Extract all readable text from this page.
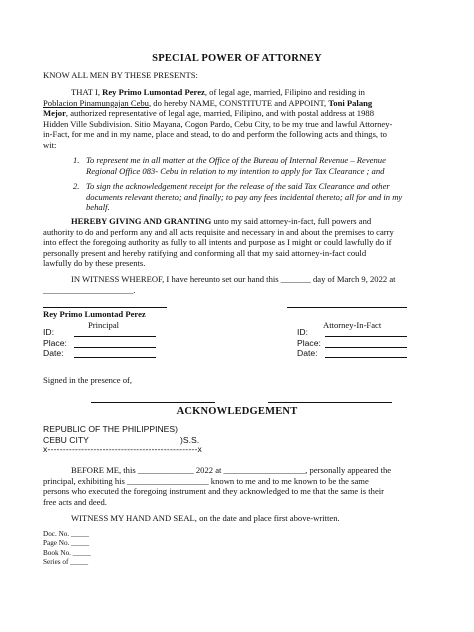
SPECIAL POWER OF ATTORNEY
KNOW ALL MEN BY THESE PRESENTS:
THAT I, Rey Primo Lumontad Perez, of legal age, married, Filipino and residing in
Poblacion Pinamungajan Cebu, do hereby NAME, CONSTITUTE and APPOINT, Toni Palang
Mejor, authorized representative of legal age, married, Filipino, and with postal address at 1988
Hidden Ville Subdivision. Sitio Mayana, Cogon Pardo, Cebu City, to be my true and lawful Attorney-
in-Fact, for me and in my name, place and stead, to do and perform the following acts and things, to
wit:
1. To represent me in all matter at the Office of the Bureau of Internal Revenue – Revenue
Regional Office 083- Cebu in relation to my intention to apply for Tax Clearance ; and
2. To sign the acknowledgement receipt for the release of the said Tax Clearance and other
documents relevant thereto; and finally; to pay any fees incidental thereto; all for and in my
behalf.
HEREBY GIVING AND GRANTING unto my said attorney-in-fact, full powers and
authority to do and perform any and all acts requisite and necessary in and about the premises to carry
into effect the foregoing authority as fully to all intents and purpose as I might or could lawfully do if
personally present and hereby ratifying and conforming all that my said attorney-in-fact could
lawfully do by these presents.
IN WITNESS WHEREOF, I have hereunto set our hand this _______ day of March 9, 2022 at
_____________________.
Rey Primo Lumontad Perez
Principal	Attorney-In-Fact
ID:
Place:
Date:
ID:
Place:
Date:
Signed in the presence of,
ACKNOWLEDGEMENT
REPUBLIC OF THE PHILIPPINES)
CEBU CITY	)S.S.
x-------------------------------------------------x
BEFORE ME, this _____________ 2022 at ___________________, personally appeared the
principal, exhibiting his ___________________ known to me and to me known to be the same
persons who executed the foregoing instrument and they acknowledged to me that the same is their
free acts and deed.
WITNESS MY HAND AND SEAL, on the date and place first above-written.
Doc. No. _____
Page No. _____
Book No. _____
Series of _____
